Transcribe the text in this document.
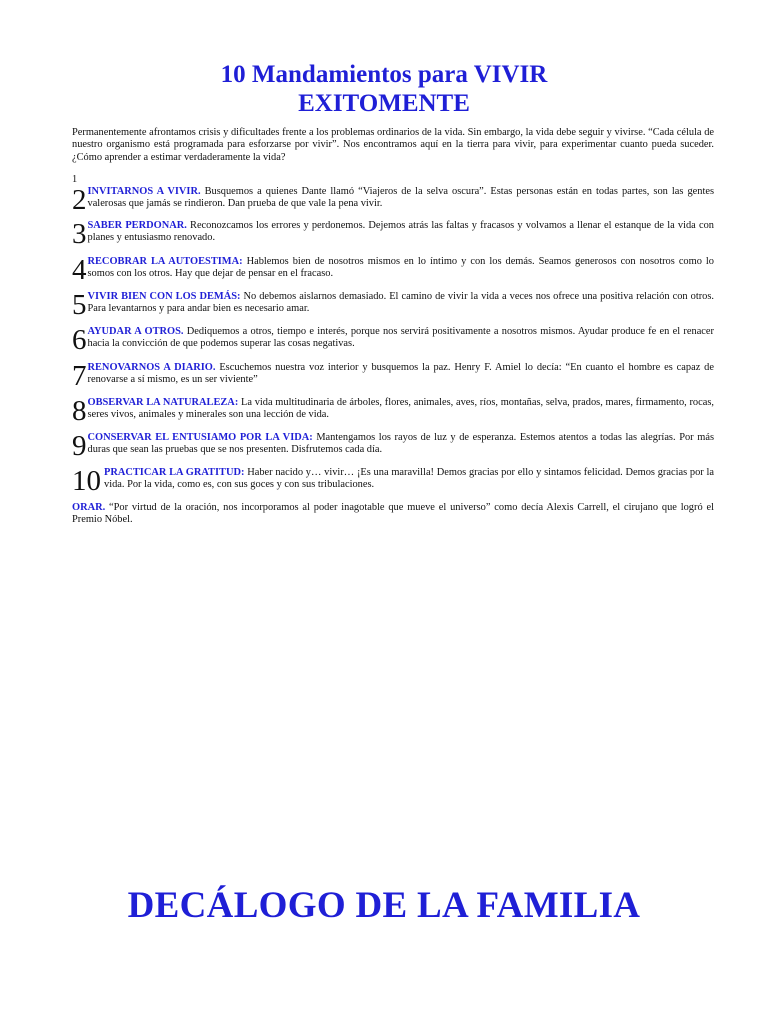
10 Mandamientos para VIVIR
EXITOMENTE
Permanentemente afrontamos crisis y dificultades frente a los problemas ordinarios de la vida. Sin embargo, la vida debe seguir y vivirse. “Cada célula de nuestro organismo está programada para esforzarse por vivir”. Nos encontramos aquí en la tierra para vivir, para experimentar cuanto pueda suceder. ¿Cómo aprender a estimar verdaderamente la vida?
1
2 INVITARNOS A VIVIR. Busquemos a quienes Dante llamó “Viajeros de la selva oscura”. Estas personas están en todas partes, son las gentes valerosas que jamás se rindieron. Dan prueba de que vale la pena vivir.
3 SABER PERDONAR. Reconozcamos los errores y perdonemos. Dejemos atrás las faltas y fracasos y volvamos a llenar el estanque de la vida con planes y entusiasmo renovado.
4 RECOBRAR LA AUTOESTIMA: Hablemos bien de nosotros mismos en lo íntimo y con los demás. Seamos generosos con nosotros como lo somos con los otros. Hay que dejar de pensar en el fracaso.
5 VIVIR BIEN CON LOS DEMÁS: No debemos aislarnos demasiado. El camino de vivir la vida a veces nos ofrece una positiva relación con otros. Para levantarnos y para andar bien es necesario amar.
6 AYUDAR A OTROS. Dediquemos a otros, tiempo e interés, porque nos servirá positivamente a nosotros mismos. Ayudar produce fe en el renacer hacia la convicción de que podemos superar las cosas negativas.
7 RENOVARNOS A DIARIO. Escuchemos nuestra voz interior y busquemos la paz. Henry F. Amiel lo decía: “En cuanto el hombre es capaz de renovarse a sí mismo, es un ser viviente”
8 OBSERVAR LA NATURALEZA: La vida multitudinaria de árboles, flores, animales, aves, ríos, montañas, selva, prados, mares, firmamento, rocas, seres vivos, animales y minerales son una lección de vida.
9 CONSERVAR EL ENTUSIAMO POR LA VIDA: Mantengamos los rayos de luz y de esperanza. Estemos atentos a todas las alegrías. Por más duras que sean las pruebas que se nos presenten. Disfrutemos cada día.
10 PRACTICAR LA GRATITUD: Haber nacido y… vivir… ¡Es una maravilla! Demos gracias por ello y sintamos felicidad. Demos gracias por la vida. Por la vida, como es, con sus goces y con sus tribulaciones.
ORAR. “Por virtud de la oración, nos incorporamos al poder inagotable que mueve el universo” como decía Alexis Carrell, el cirujano que logró el Premio Nóbel.
DECÁLOGO DE LA FAMILIA
